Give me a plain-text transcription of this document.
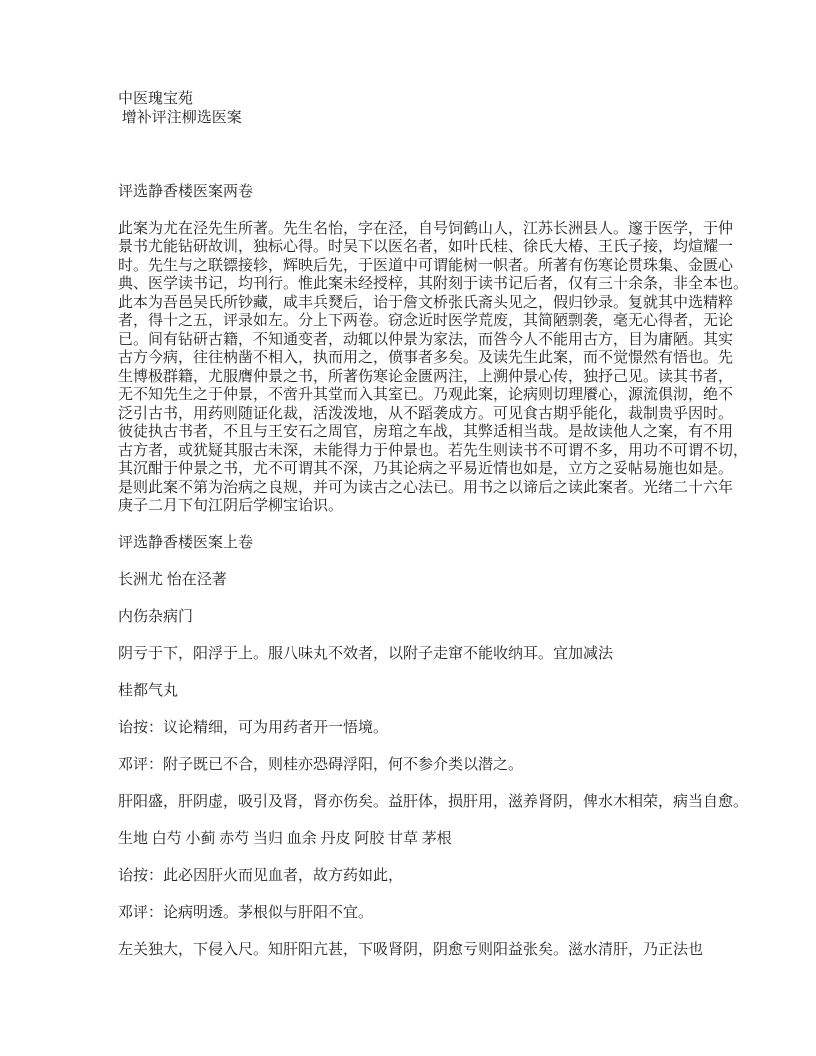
中医瑰宝苑
增补评注柳选医案
评选静香楼医案两卷
此案为尤在泾先生所著。先生名怡，字在泾，自号饲鹤山人，江苏长洲县人。邃于医学，于仲
景书尤能钻研故训，独标心得。时吴下以医名者，如叶氏桂、徐氏大椿、王氏子接，均煊耀一
时。先生与之联镖接轸，辉映后先，于医道中可谓能树一帜者。所著有伤寒论贯珠集、金匮心
典、医学读书记，均刊行。惟此案未经授梓，其附刻于读书记后者，仅有三十余条，非全本也。
此本为吾邑吴氏所钞藏，咸丰兵燹后，诒于詹文桥张氏斋头见之，假归钞录。复就其中选精粹
者，得十之五，评录如左。分上下两卷。窃念近时医学荒废，其简陋剽袭，毫无心得者，无论
已。间有钻研古籍，不知通变者，动辄以仲景为家法，而咎今人不能用古方，目为庸陋。其实
古方今病，往往枘凿不相入，执而用之，偾事者多矣。及读先生此案，而不觉憬然有悟也。先
生博极群籍，尤服膺仲景之书，所著伤寒论金匮两注，上溯仲景心传，独抒己见。读其书者，
无不知先生之于仲景，不啻升其堂而入其室已。乃观此案，论病则切理餍心，源流俱沏，绝不
泛引古书，用药则随证化裁，活泼泼地，从不蹈袭成方。可见食古期乎能化，裁制贵乎因时。
彼徒执古书者，不且与王安石之周官，房琯之车战，其弊适相当哉。是故读他人之案，有不用
古方者，或犹疑其服古未深，未能得力于仲景也。若先生则读书不可谓不多，用功不可谓不切，
其沉酣于仲景之书，尤不可谓其不深，乃其论病之平易近情也如是，立方之妥帖易施也如是。
是则此案不第为治病之良规，并可为读古之心法已。用书之以谛后之读此案者。光绪二十六年
庚子二月下旬江阴后学柳宝诒识。
评选静香楼医案上卷
长洲尤 怡在泾著
内伤杂病门
阴亏于下，阳浮于上。服八味丸不效者，以附子走窜不能收纳耳。宜加减法
桂都气丸
诒按：议论精细，可为用药者开一悟境。
邓评：附子既已不合，则桂亦恐碍浮阳，何不参介类以潜之。
肝阳盛，肝阴虚，吸引及肾，肾亦伤矣。益肝体，损肝用，滋养肾阴，俾水木相荣，病当自愈。
生地 白芍 小蓟 赤芍 当归 血余 丹皮 阿胶 甘草 茅根
诒按：此必因肝火而见血者，故方药如此，
邓评：论病明透。茅根似与肝阳不宜。
左关独大，下侵入尺。知肝阳亢甚，下吸肾阴，阴愈亏则阳益张矣。滋水清肝，乃正法也
